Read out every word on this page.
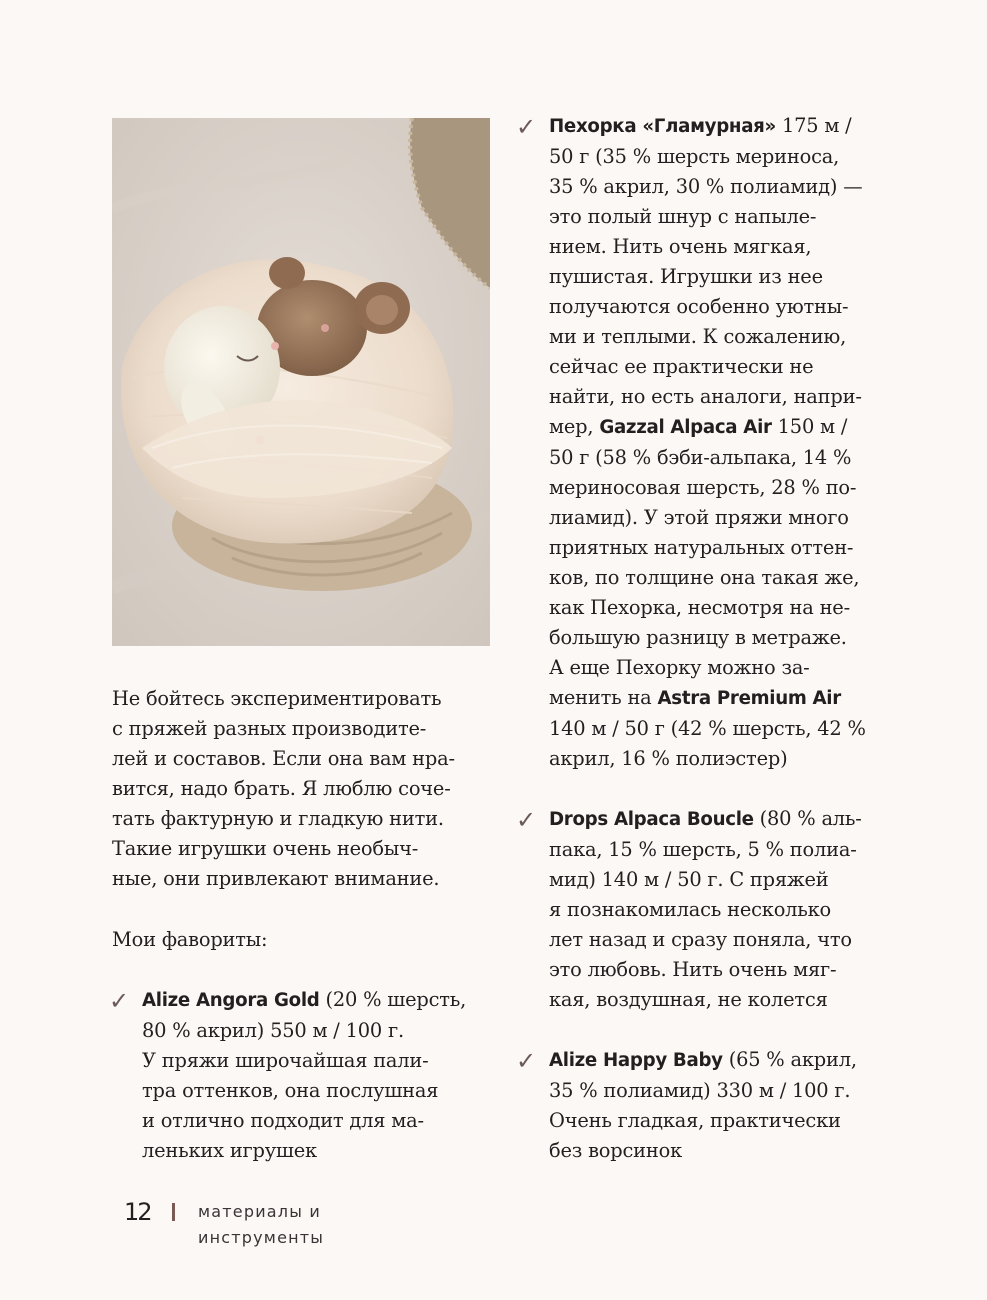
Не бойтесь экспериментировать
с пряжей разных производите-
лей и составов. Если она вам нра-
вится, надо брать. Я люблю соче-
тать фактурную и гладкую нити.
Такие игрушки очень необыч-
ные, они привлекают внимание.
Мои фавориты:
✓ Alize Angora Gold (20 % шерсть,
80 % акрил) 550 м / 100 г.
У пряжи широчайшая пали-
тра оттенков, она послушная
и отлично подходит для ма-
леньких игрушек
✓ Пехорка «Гламурная» 175 м /
50 г (35 % шерсть мериноса,
35 % акрил, 30 % полиамид) —
это полый шнур с напыле-
нием. Нить очень мягкая,
пушистая. Игрушки из нее
получаются особенно уютны-
ми и теплыми. К сожалению,
сейчас ее практически не
найти, но есть аналоги, напри-
мер, Gazzal Alpaca Air 150 м /
50 г (58 % бэби-альпака, 14 %
мериносовая шерсть, 28 % по-
лиамид). У этой пряжи много
приятных натуральных оттен-
ков, по толщине она такая же,
как Пехорка, несмотря на не-
большую разницу в метраже.
А еще Пехорку можно за-
менить на Astra Premium Air
140 м / 50 г (42 % шерсть, 42 %
акрил, 16 % полиэстер)
✓ Drops Alpaca Boucle (80 % аль-
пака, 15 % шерсть, 5 % полиа-
мид) 140 м / 50 г. С пряжей
я познакомилась несколько
лет назад и сразу поняла, что
это любовь. Нить очень мяг-
кая, воздушная, не колется
✓ Alize Happy Baby (65 % акрил,
35 % полиамид) 330 м / 100 г.
Очень гладкая, практически
без ворсинок
12	материалы и инструменты
